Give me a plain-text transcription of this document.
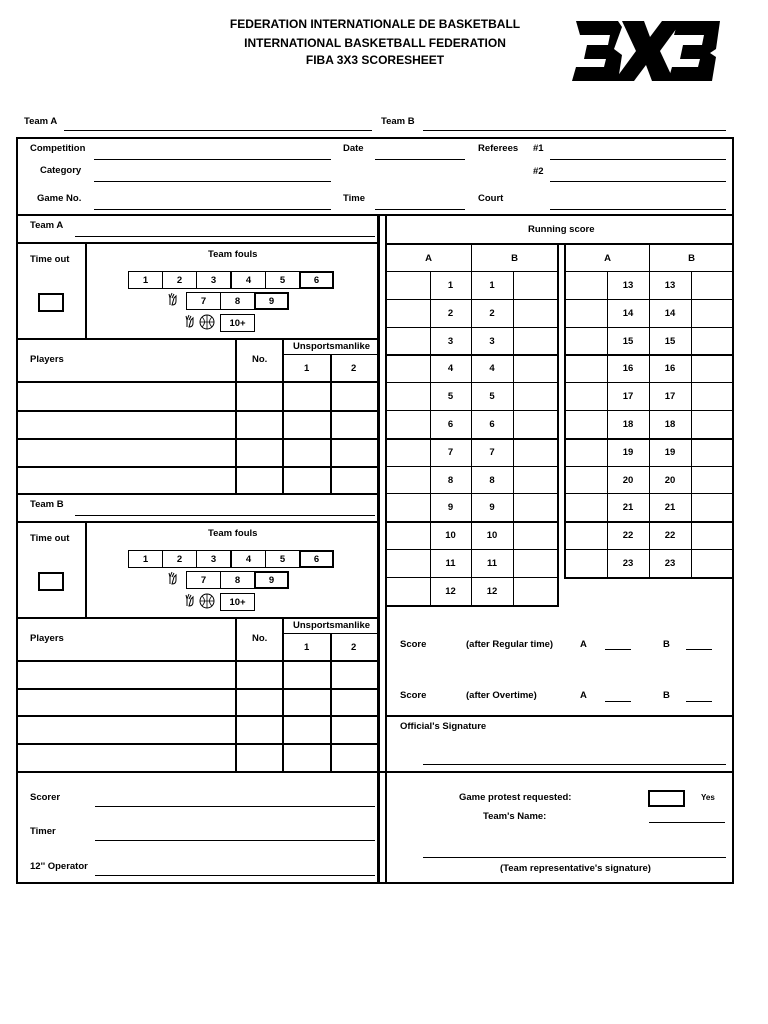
FEDERATION INTERNATIONALE DE BASKETBALL
INTERNATIONAL BASKETBALL FEDERATION
FIBA 3X3 SCORESHEET
Team A	Team B
Competition
Category
Game No.
Date
Time
Referees #1
#2
Court
Team A
Time out	Team fouls
1	2	3	4	5	6
7	8	9
10+
Players	No.
Unsportsmanlike
1	2
Team B
Time out	Team fouls
1	2	3	4	5	6
7	8	9
10+
Players	No.
Unsportsmanlike
1	2
Scorer
Timer
12'' Operator
Running score
A	B	A	B
1	1
2	2
3	3
4	4
5	5
6	6
7	7
8	8
9	9
10	10
11	11
12	12
13	13
14	14
15	15
16	16
17	17
18	18
19	19
20	20
21	21
22	22
23	23
Score	(after Regular time)	A	B
Score	(after Overtime)	A	B
Official's Signature
Game protest requested:	Yes
Team's Name:
(Team representative's signature)
